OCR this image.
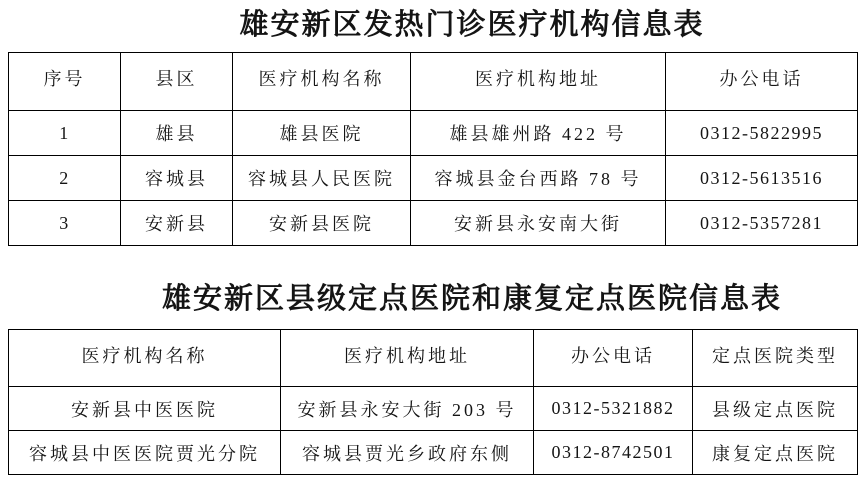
雄安新区发热门诊医疗机构信息表
序号	县区	医疗机构名称	医疗机构地址	办公电话
1	雄县	雄县医院	雄县雄州路 422 号	0312-5822995
2	容城县	容城县人民医院	容城县金台西路 78 号	0312-5613516
3	安新县	安新县医院	安新县永安南大街	0312-5357281
雄安新区县级定点医院和康复定点医院信息表
医疗机构名称	医疗机构地址	办公电话	定点医院类型
安新县中医医院	安新县永安大街 203 号	0312-5321882	县级定点医院
容城县中医医院贾光分院	容城县贾光乡政府东侧	0312-8742501	康复定点医院
